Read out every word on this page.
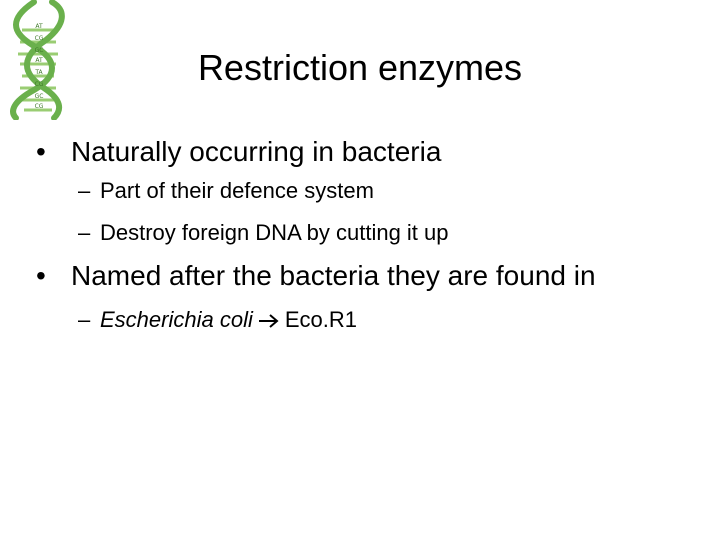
AT
CG
GC
AT
TA
CG
GC
CG
Restriction enzymes
• Naturally occurring in bacteria
– Part of their defence system
– Destroy foreign DNA by cutting it up
• Named after the bacteria they are found in
– Escherichia coli Eco.R1
